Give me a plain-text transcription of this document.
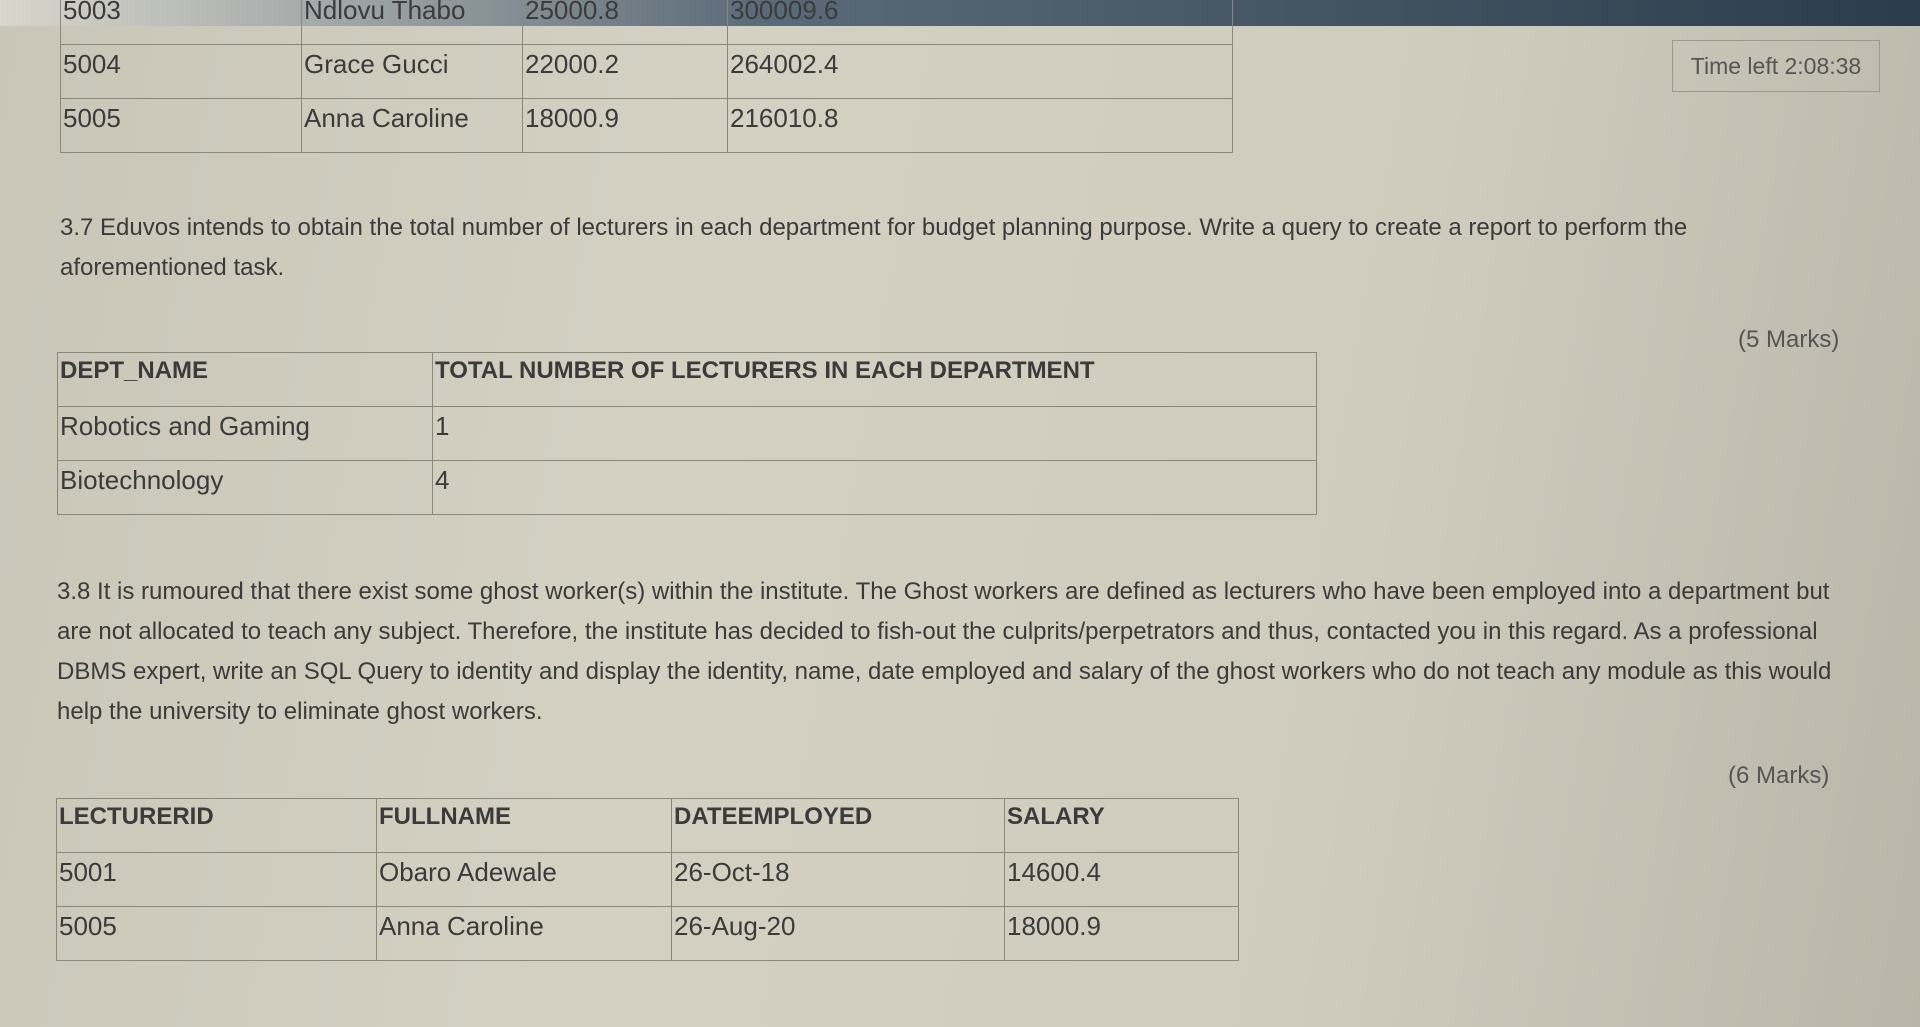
5003	Ndlovu Thabo	25000.8	300009.6
5004	Grace Gucci	22000.2	264002.4
5005	Anna Caroline	18000.9	216010.8
Time left 2:08:38
3.7 Eduvos intends to obtain the total number of lecturers in each department for budget planning purpose. Write a query to create a report to perform the aforementioned task.
(5 Marks)
DEPT_NAME	TOTAL NUMBER OF LECTURERS IN EACH DEPARTMENT
Robotics and Gaming	1
Biotechnology	4
3.8 It is rumoured that there exist some ghost worker(s) within the institute. The Ghost workers are defined as lecturers who have been employed into a department but are not allocated to teach any subject. Therefore, the institute has decided to fish-out the culprits/perpetrators and thus, contacted you in this regard. As a professional DBMS expert, write an SQL Query to identity and display the identity, name, date employed and salary of the ghost workers who do not teach any module as this would help the university to eliminate ghost workers.
(6 Marks)
LECTURERID	FULLNAME	DATEEMPLOYED	SALARY
5001	Obaro Adewale	26-Oct-18	14600.4
5005	Anna Caroline	26-Aug-20	18000.9
